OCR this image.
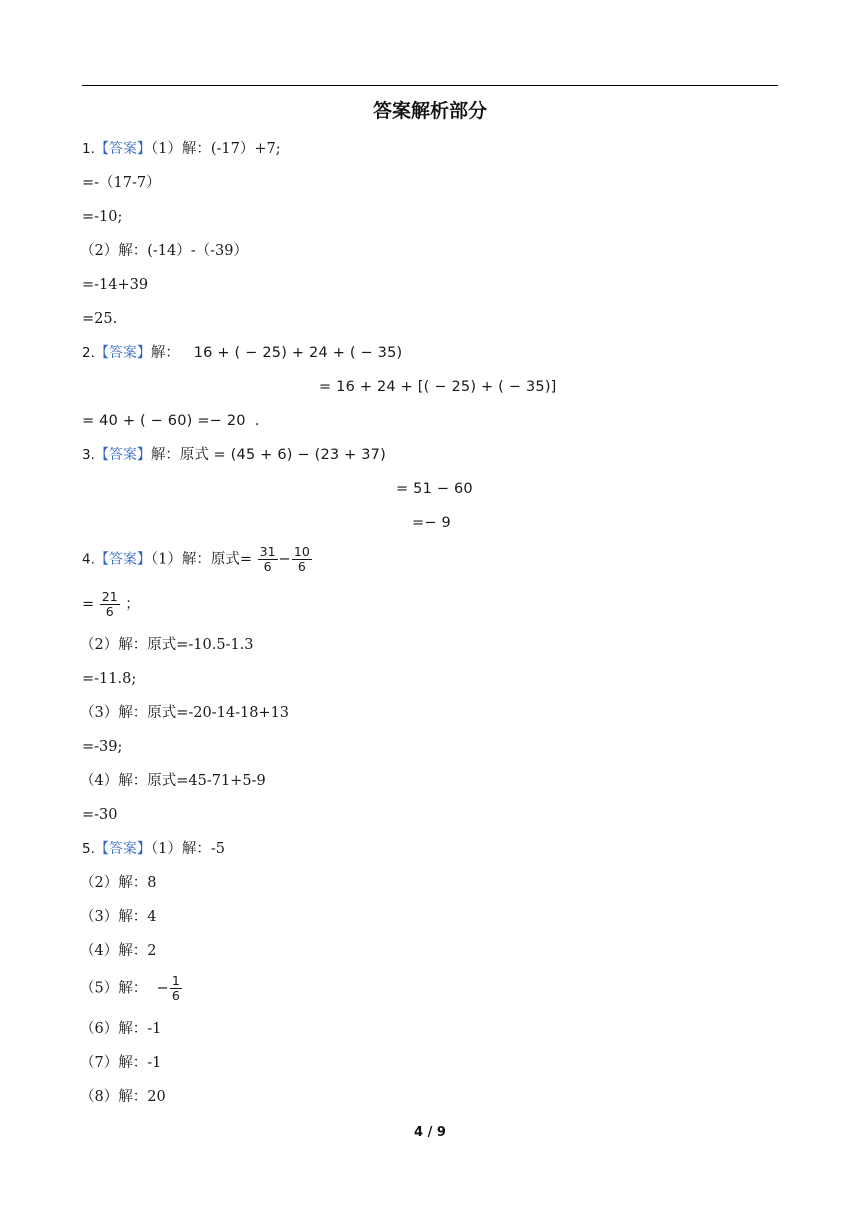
答案解析部分
1.【答案】（1）解：(-17）+7;
=-（17-7）
=-10;
（2）解：(-14）-（-39）
=-14+39
=25.
2.【答案】解： 16 + ( − 25) + 24 + ( − 35)
= 16 + 24 + [( − 25) + ( − 35)]
= 40 + ( − 60) =− 20 .
3.【答案】解：原式 = (45 + 6) − (23 + 37)
= 51 − 60
=− 9
4.【答案】（1）解：原式= $\frac{31}{6} - \frac{10}{6}$
= $\frac{21}{6}$ ；
（2）解：原式=-10.5-1.3
=-11.8;
（3）解：原式=-20-14-18+13
=-39;
（4）解：原式=45-71+5-9
=-30
5.【答案】（1）解：-5
（2）解：8
（3）解：4
（4）解：2
（5）解： − $\frac{1}{6}$
（6）解：-1
（7）解：-1
（8）解：20
4 / 9
